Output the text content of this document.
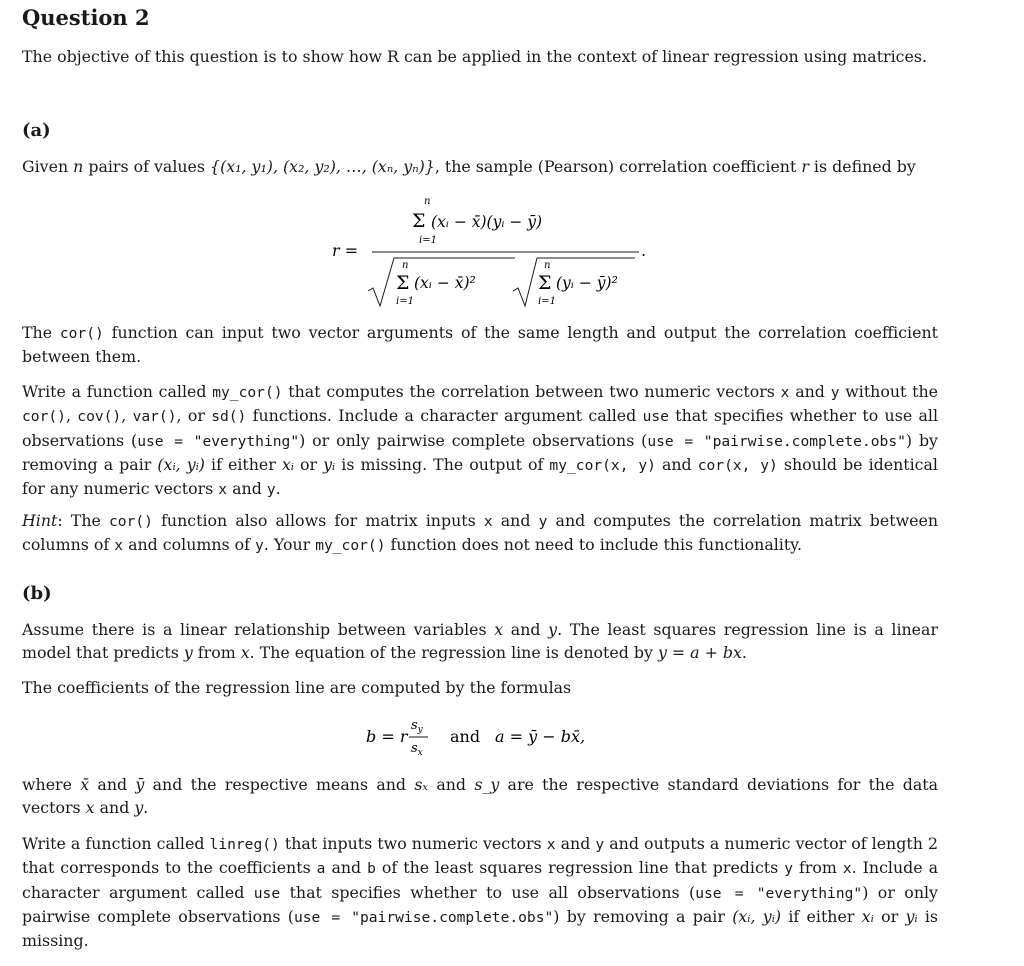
Question 2
The objective of this question is to show how R can be applied in the context of linear regression using matrices.
(a)
Given n pairs of values {(x₁, y₁), (x₂, y₂), …, (xₙ, yₙ)}, the sample (Pearson) correlation coefficient r is defined by
r =
n
Σ
i=1
(xᵢ − x̄)(yᵢ − ȳ)
.
n
Σ
i=1
(xᵢ − x̄)²
n
Σ
i=1
(yᵢ − ȳ)²
The cor() function can input two vector arguments of the same length and output the correlation coefficient between them.
Write a function called my_cor() that computes the correlation between two numeric vectors x and y without the cor(), cov(), var(), or sd() functions. Include a character argument called use that specifies whether to use all observations (use = "everything") or only pairwise complete observations (use = "pairwise.complete.obs") by removing a pair (xᵢ, yᵢ) if either xᵢ or yᵢ is missing. The output of my_cor(x, y) and cor(x, y) should be identical for any numeric vectors x and y.
Hint: The cor() function also allows for matrix inputs x and y and computes the correlation matrix between columns of x and columns of y. Your my_cor() function does not need to include this functionality.
(b)
Assume there is a linear relationship between variables x and y. The least squares regression line is a linear model that predicts y from x. The equation of the regression line is denoted by y = a + bx.
The coefficients of the regression line are computed by the formulas
b = r
$s_y$
$s_x$
and a = ȳ − bx̄,
where x̄ and ȳ and the respective means and sₓ and s_y are the respective standard deviations for the data vectors x and y.
Write a function called linreg() that inputs two numeric vectors x and y and outputs a numeric vector of length 2 that corresponds to the coefficients a and b of the least squares regression line that predicts y from x. Include a character argument called use that specifies whether to use all observations (use = "everything") or only pairwise complete observations (use = "pairwise.complete.obs") by removing a pair (xᵢ, yᵢ) if either xᵢ or yᵢ is missing.
